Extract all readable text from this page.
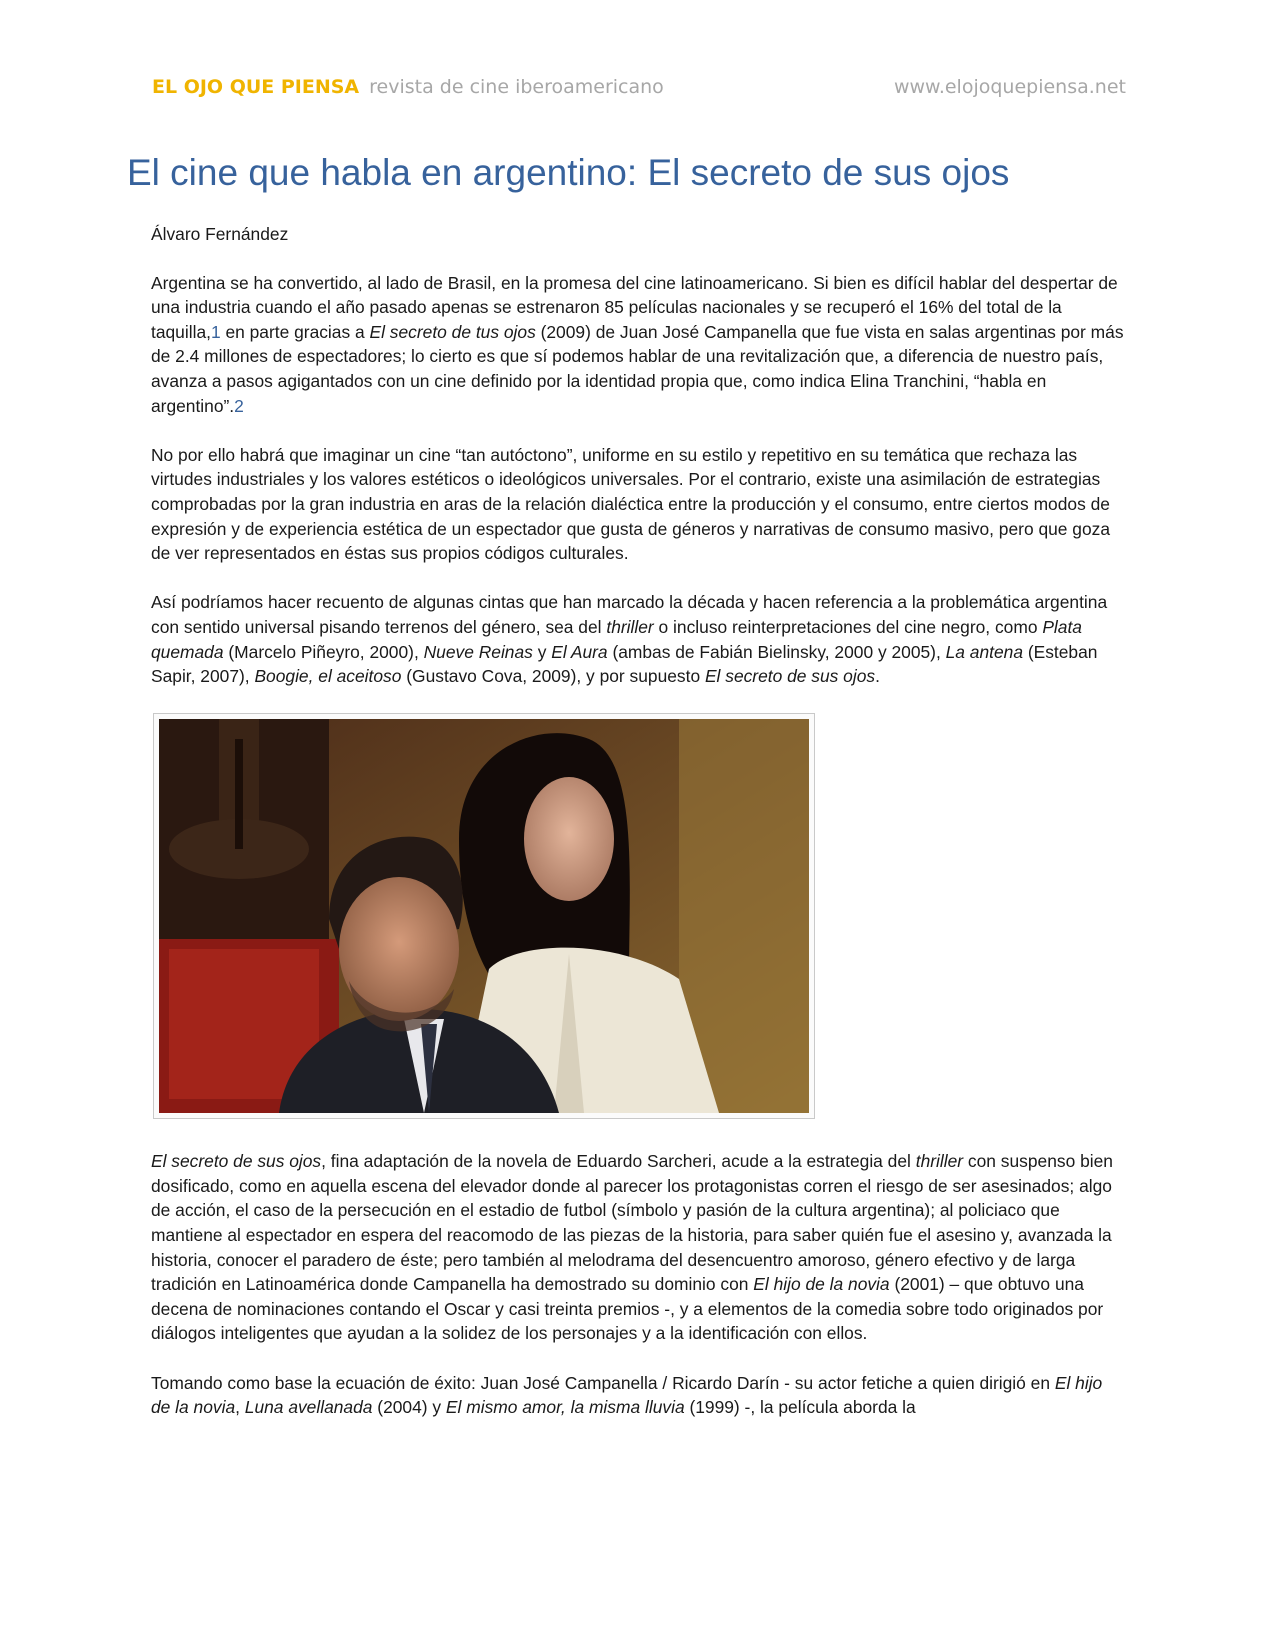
EL OJO QUE PIENSA revista de cine iberoamericano	www.elojoquepiensa.net
El cine que habla en argentino: El secreto de sus ojos

Álvaro Fernández

Argentina se ha convertido, al lado de Brasil, en la promesa del cine latinoamericano. Si bien es difícil hablar del despertar de una industria cuando el año pasado apenas se estrenaron 85 películas nacionales y se recuperó el 16% del total de la taquilla,1 en parte gracias a El secreto de tus ojos (2009) de Juan José Campanella que fue vista en salas argentinas por más de 2.4 millones de espectadores; lo cierto es que sí podemos hablar de una revitalización que, a diferencia de nuestro país, avanza a pasos agigantados con un cine definido por la identidad propia que, como indica Elina Tranchini, “habla en argentino”.2

No por ello habrá que imaginar un cine “tan autóctono”, uniforme en su estilo y repetitivo en su temática que rechaza las virtudes industriales y los valores estéticos o ideológicos universales. Por el contrario, existe una asimilación de estrategias comprobadas por la gran industria en aras de la relación dialéctica entre la producción y el consumo, entre ciertos modos de expresión y de experiencia estética de un espectador que gusta de géneros y narrativas de consumo masivo, pero que goza de ver representados en éstas sus propios códigos culturales.

Así podríamos hacer recuento de algunas cintas que han marcado la década y hacen referencia a la problemática argentina con sentido universal pisando terrenos del género, sea del thriller o incluso reinterpretaciones del cine negro, como Plata quemada (Marcelo Piñeyro, 2000), Nueve Reinas y El Aura (ambas de Fabián Bielinsky, 2000 y 2005), La antena (Esteban Sapir, 2007), Boogie, el aceitoso (Gustavo Cova, 2009), y por supuesto El secreto de sus ojos.

El secreto de sus ojos, fina adaptación de la novela de Eduardo Sarcheri, acude a la estrategia del thriller con suspenso bien dosificado, como en aquella escena del elevador donde al parecer los protagonistas corren el riesgo de ser asesinados; algo de acción, el caso de la persecución en el estadio de futbol (símbolo y pasión de la cultura argentina); al policiaco que mantiene al espectador en espera del reacomodo de las piezas de la historia, para saber quién fue el asesino y, avanzada la historia, conocer el paradero de éste; pero también al melodrama del desencuentro amoroso, género efectivo y de larga tradición en Latinoamérica donde Campanella ha demostrado su dominio con El hijo de la novia (2001) – que obtuvo una decena de nominaciones contando el Oscar y casi treinta premios -, y a elementos de la comedia sobre todo originados por diálogos inteligentes que ayudan a la solidez de los personajes y a la identificación con ellos.

Tomando como base la ecuación de éxito: Juan José Campanella / Ricardo Darín - su actor fetiche a quien dirigió en El hijo de la novia, Luna avellanada (2004) y El mismo amor, la misma lluvia (1999) -, la película aborda la
